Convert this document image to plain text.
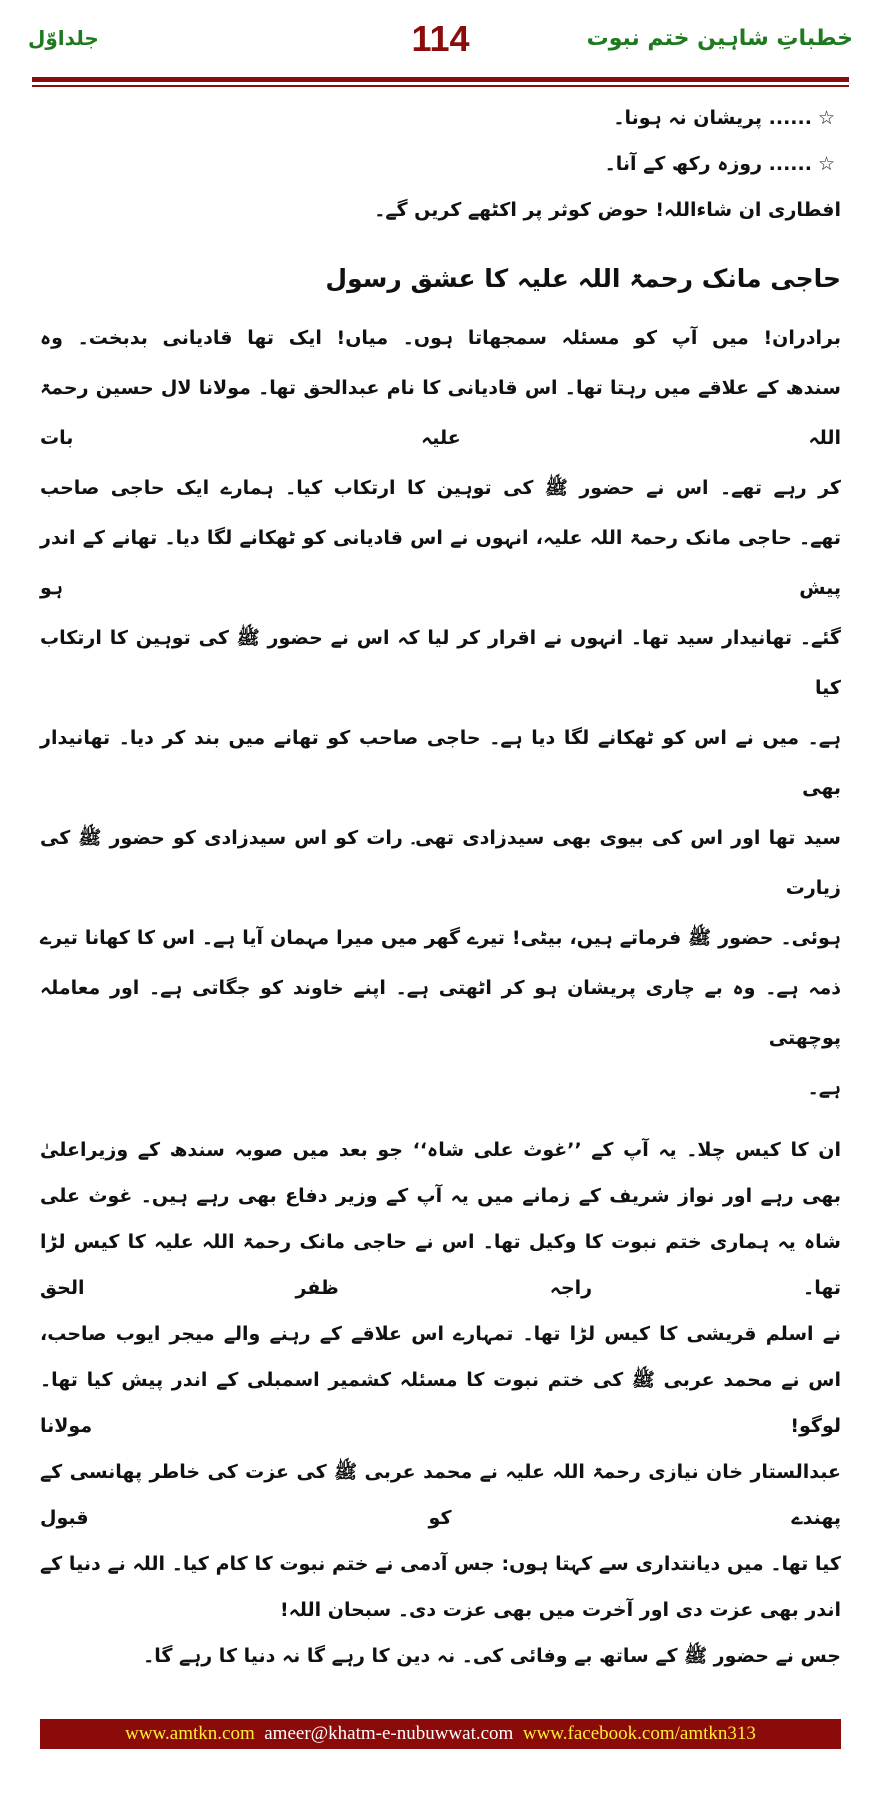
خطباتِ شاہین ختم نبوت
114
جلداوّل
☆...... پریشان نہ ہونا۔
☆...... روزہ رکھ کے آنا۔
افطاری ان شاءاللہ! حوض کوثر پر اکٹھے کریں گے۔
حاجی مانک رحمۃ اللہ علیہ کا عشق رسول
برادران! میں آپ کو مسئلہ سمجھاتا ہوں۔ میاں! ایک تھا قادیانی بدبخت۔ وہ
سندھ کے علاقے میں رہتا تھا۔ اس قادیانی کا نام عبدالحق تھا۔ مولانا لال حسین رحمۃ اللہ علیہ بات
کر رہے تھے۔ اس نے حضور ﷺ کی توہین کا ارتکاب کیا۔ ہمارے ایک حاجی صاحب
تھے۔ حاجی مانک رحمۃ اللہ علیہ، انہوں نے اس قادیانی کو ٹھکانے لگا دیا۔ تھانے کے اندر پیش ہو
گئے۔ تھانیدار سید تھا۔ انہوں نے اقرار کر لیا کہ اس نے حضور ﷺ کی توہین کا ارتکاب کیا
ہے۔ میں نے اس کو ٹھکانے لگا دیا ہے۔ حاجی صاحب کو تھانے میں بند کر دیا۔ تھانیدار بھی
سید تھا اور اس کی بیوی بھی سیدزادی تھی۔ رات کو اس سیدزادی کو حضور ﷺ کی زیارت
ہوئی۔ حضور ﷺ فرماتے ہیں، بیٹی! تیرے گھر میں میرا مہمان آیا ہے۔ اس کا کھانا تیرے
ذمہ ہے۔ وہ بے چاری پریشان ہو کر اٹھتی ہے۔ اپنے خاوند کو جگاتی ہے۔ اور معاملہ پوچھتی
ہے۔
ان کا کیس چلا۔ یہ آپ کے ’’غوث علی شاہ‘‘ جو بعد میں صوبہ سندھ کے وزیراعلیٰ
بھی رہے اور نواز شریف کے زمانے میں یہ آپ کے وزیر دفاع بھی رہے ہیں۔ غوث علی
شاہ یہ ہماری ختم نبوت کا وکیل تھا۔ اس نے حاجی مانک رحمۃ اللہ علیہ کا کیس لڑا تھا۔ راجہ ظفر الحق
نے اسلم قریشی کا کیس لڑا تھا۔ تمہارے اس علاقے کے رہنے والے میجر ایوب صاحب،
اس نے محمد عربی ﷺ کی ختم نبوت کا مسئلہ کشمیر اسمبلی کے اندر پیش کیا تھا۔ لوگو! مولانا
عبدالستار خان نیازی رحمۃ اللہ علیہ نے محمد عربی ﷺ کی عزت کی خاطر پھانسی کے پھندے کو قبول
کیا تھا۔ میں دیانتداری سے کہتا ہوں: جس آدمی نے ختم نبوت کا کام کیا۔ اللہ نے دنیا کے
اندر بھی عزت دی اور آخرت میں بھی عزت دی۔ سبحان اللہ!
جس نے حضور ﷺ کے ساتھ بے وفائی کی۔ نہ دین کا رہے گا نہ دنیا کا رہے گا۔
www.amtkn.com ameer@khatm-e-nubuwwat.com www.facebook.com/amtkn313
